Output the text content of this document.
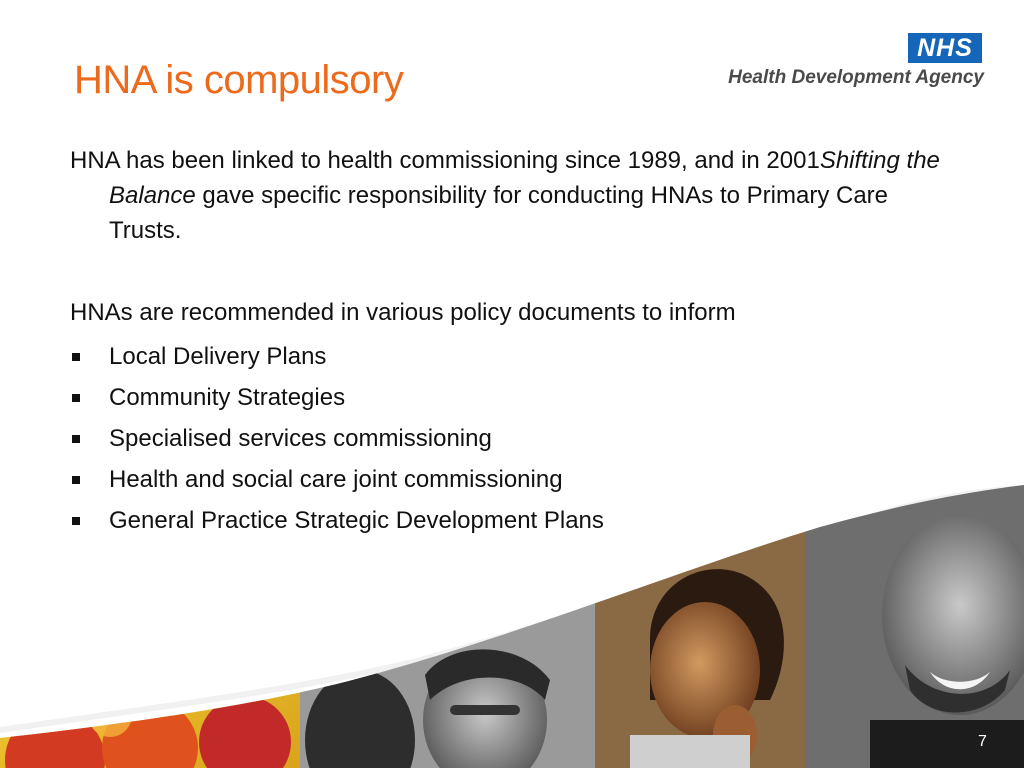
HNA is compulsory
NHS
Health Development Agency

HNA has been linked to health commissioning since 1989, and in 2001Shifting the Balance gave specific responsibility for conducting HNAs to Primary Care Trusts.

HNAs are recommended in various policy documents to inform

Local Delivery Plans
Community Strategies
Specialised services commissioning
Health and social care joint commissioning
General Practice Strategic Development Plans
7
